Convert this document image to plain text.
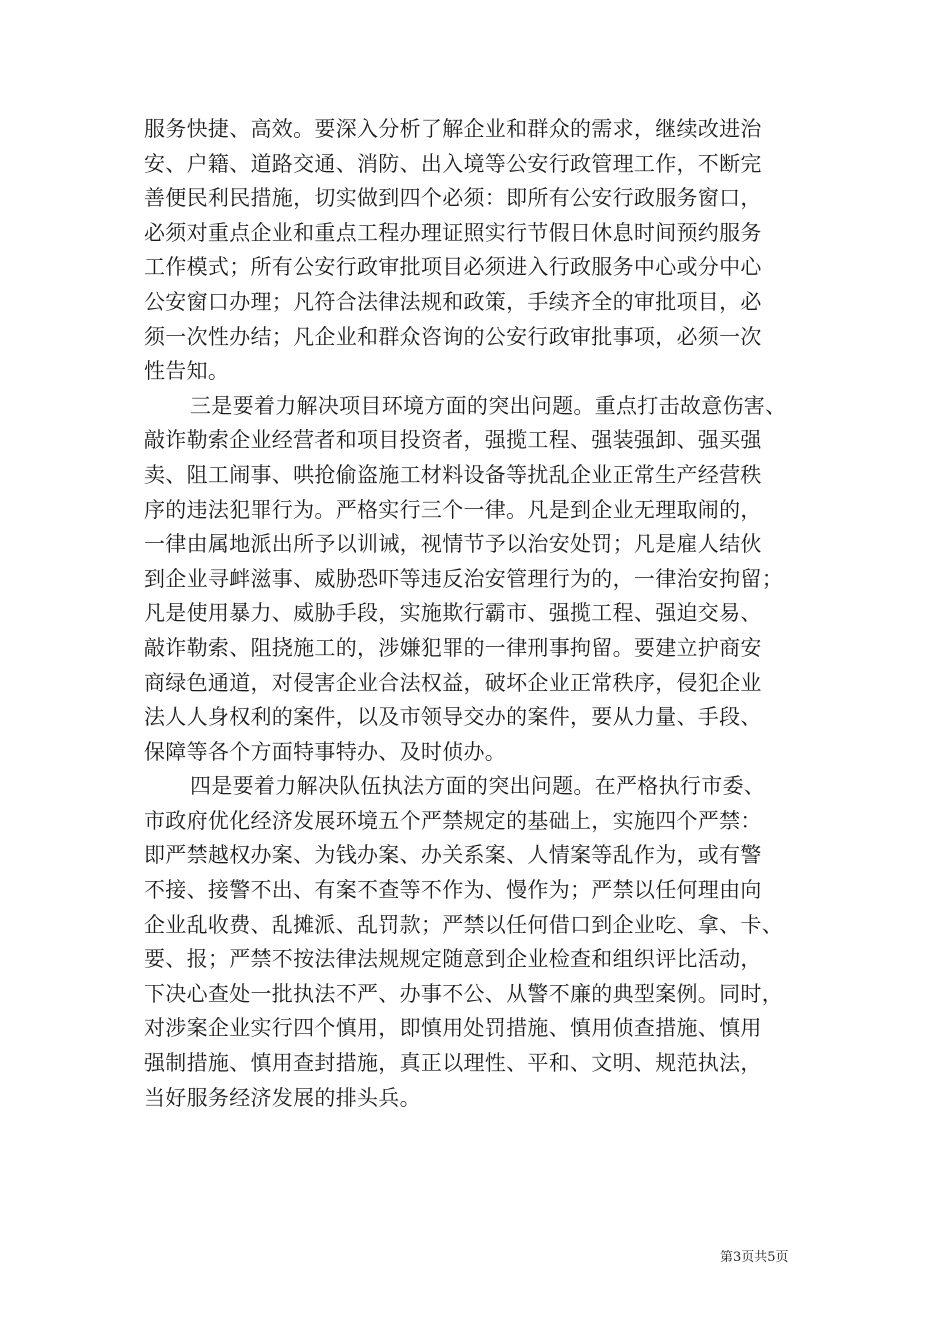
服务快捷、高效。要深入分析了解企业和群众的需求，继续改进治
安、户籍、道路交通、消防、出入境等公安行政管理工作，不断完
善便民利民措施，切实做到四个必须：即所有公安行政服务窗口，
必须对重点企业和重点工程办理证照实行节假日休息时间预约服务
工作模式；所有公安行政审批项目必须进入行政服务中心或分中心
公安窗口办理；凡符合法律法规和政策，手续齐全的审批项目，必
须一次性办结；凡企业和群众咨询的公安行政审批事项，必须一次
性告知。
三是要着力解决项目环境方面的突出问题。重点打击故意伤害、
敲诈勒索企业经营者和项目投资者，强揽工程、强装强卸、强买强
卖、阻工闹事、哄抢偷盗施工材料设备等扰乱企业正常生产经营秩
序的违法犯罪行为。严格实行三个一律。凡是到企业无理取闹的，
一律由属地派出所予以训诫，视情节予以治安处罚；凡是雇人结伙
到企业寻衅滋事、威胁恐吓等违反治安管理行为的，一律治安拘留；
凡是使用暴力、威胁手段，实施欺行霸市、强揽工程、强迫交易、
敲诈勒索、阻挠施工的，涉嫌犯罪的一律刑事拘留。要建立护商安
商绿色通道，对侵害企业合法权益，破坏企业正常秩序，侵犯企业
法人人身权利的案件，以及市领导交办的案件，要从力量、手段、
保障等各个方面特事特办、及时侦办。
四是要着力解决队伍执法方面的突出问题。在严格执行市委、
市政府优化经济发展环境五个严禁规定的基础上，实施四个严禁：
即严禁越权办案、为钱办案、办关系案、人情案等乱作为，或有警
不接、接警不出、有案不查等不作为、慢作为；严禁以任何理由向
企业乱收费、乱摊派、乱罚款；严禁以任何借口到企业吃、拿、卡、
要、报；严禁不按法律法规规定随意到企业检查和组织评比活动，
下决心查处一批执法不严、办事不公、从警不廉的典型案例。同时，
对涉案企业实行四个慎用，即慎用处罚措施、慎用侦查措施、慎用
强制措施、慎用查封措施，真正以理性、平和、文明、规范执法，
当好服务经济发展的排头兵。
第3页共5页
